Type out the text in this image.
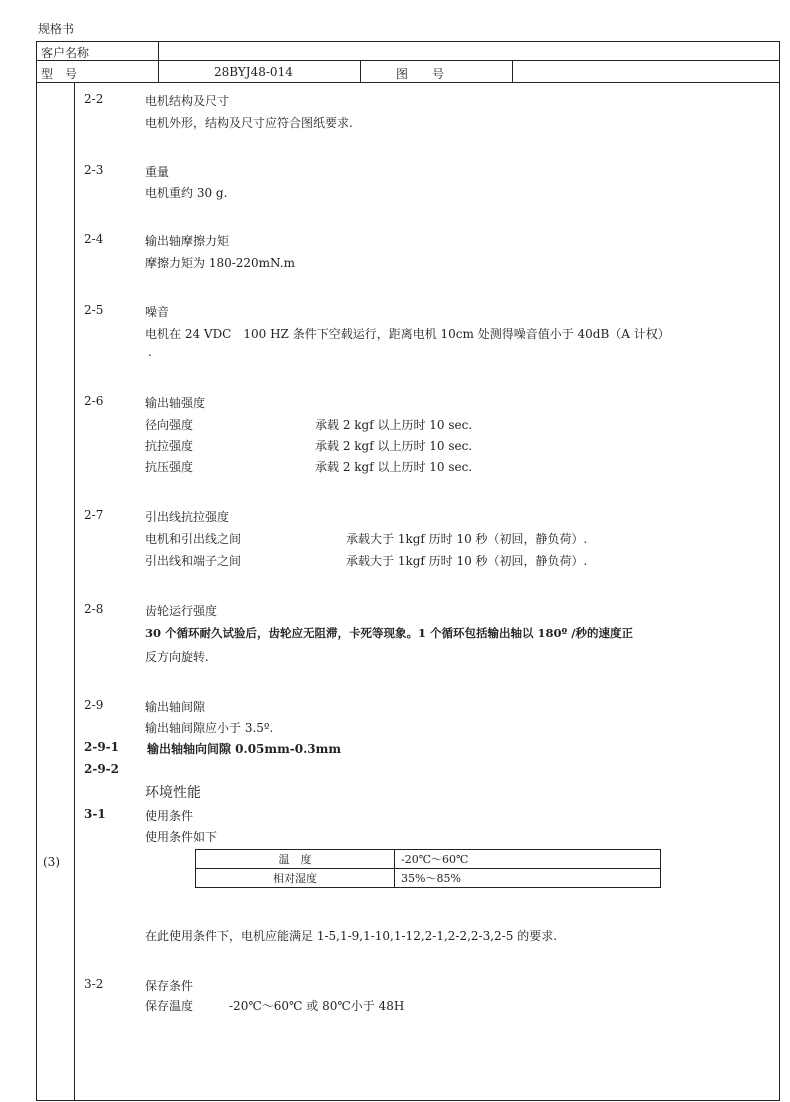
规格书
客户名称
型　号	28BYJ48-014	图　　号
(3)
2-2	电机结构及尺寸
电机外形，结构及尺寸应符合图纸要求.
2-3	重量
电机重约 30 g.
2-4	输出轴摩擦力矩
摩擦力矩为 180-220mN.m
2-5	噪音
电机在 24 VDC　100 HZ 条件下空载运行，距离电机 10cm 处测得噪音值小于 40dB（A 计权）
.
2-6	输出轴强度
径向强度	承载 2 kgf 以上历时 10 sec.
抗拉强度	承载 2 kgf 以上历时 10 sec.
抗压强度	承载 2 kgf 以上历时 10 sec.
2-7	引出线抗拉强度
电机和引出线之间	承载大于 1kgf 历时 10 秒（初回，静负荷）.
引出线和端子之间	承载大于 1kgf 历时 10 秒（初回，静负荷）.
2-8	齿轮运行强度
30 个循环耐久试验后，齿轮应无阻滞，卡死等现象。1 个循环包括输出轴以 180º /秒的速度正
反方向旋转.
2-9	输出轴间隙
输出轴间隙应小于 3.5º.
2-9-1 输出轴轴向间隙 0.05mm-0.3mm
2-9-2
环境性能
3-1	使用条件
使用条件如下
温　度	-20℃～60℃
相对湿度	35%～85%
在此使用条件下，电机应能满足 1-5,1-9,1-10,1-12,2-1,2-2,2-3,2-5 的要求.
3-2	保存条件
保存温度　　　-20℃～60℃ 或 80℃小于 48H
